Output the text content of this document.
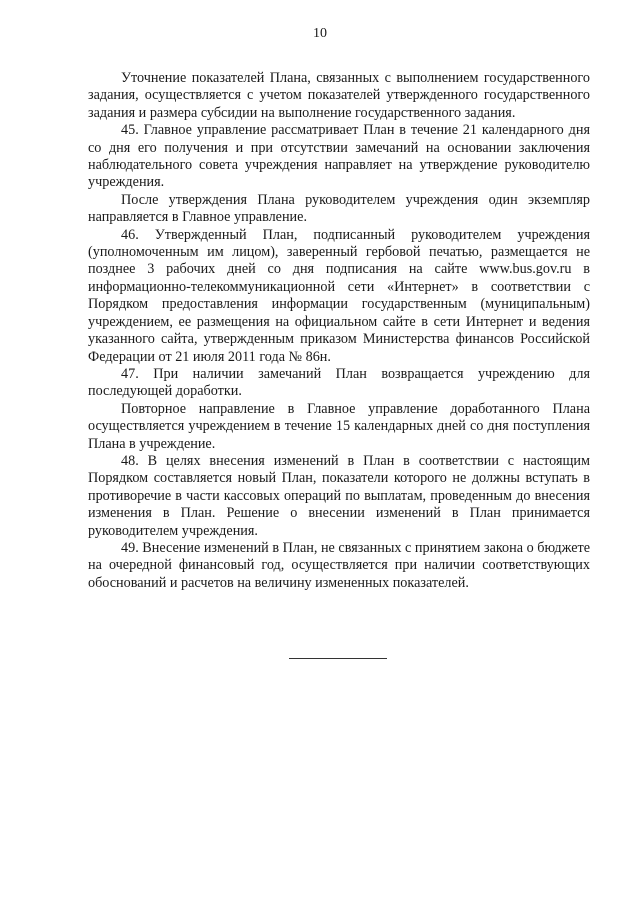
10

Уточнение показателей Плана, связанных с выполнением государственного задания, осуществляется с учетом показателей утвержденного государственного задания и размера субсидии на выполнение государственного задания.

45. Главное управление рассматривает План в течение 21 календарного дня со дня его получения и при отсутствии замечаний на основании заключения наблюдательного совета учреждения направляет на утверждение руководителю учреждения.

После утверждения Плана руководителем учреждения один экземпляр направляется в Главное управление.

46. Утвержденный План, подписанный руководителем учреждения (уполномоченным им лицом), заверенный гербовой печатью, размещается не позднее 3 рабочих дней со дня подписания на сайте www.bus.gov.ru в информационно-телекоммуникационной сети «Интернет» в соответствии с Порядком предоставления информации государственным (муниципальным) учреждением, ее размещения на официальном сайте в сети Интернет и ведения указанного сайта, утвержденным приказом Министерства финансов Российской Федерации от 21 июля 2011 года № 86н.

47. При наличии замечаний План возвращается учреждению для последующей доработки.

Повторное направление в Главное управление доработанного Плана осуществляется учреждением в течение 15 календарных дней со дня поступления Плана в учреждение.

48. В целях внесения изменений в План в соответствии с настоящим Порядком составляется новый План, показатели которого не должны вступать в противоречие в части кассовых операций по выплатам, проведенным до внесения изменения в План. Решение о внесении изменений в План принимается руководителем учреждения.

49. Внесение изменений в План, не связанных с принятием закона о бюджете на очередной финансовый год, осуществляется при наличии соответствующих обоснований и расчетов на величину измененных показателей.
